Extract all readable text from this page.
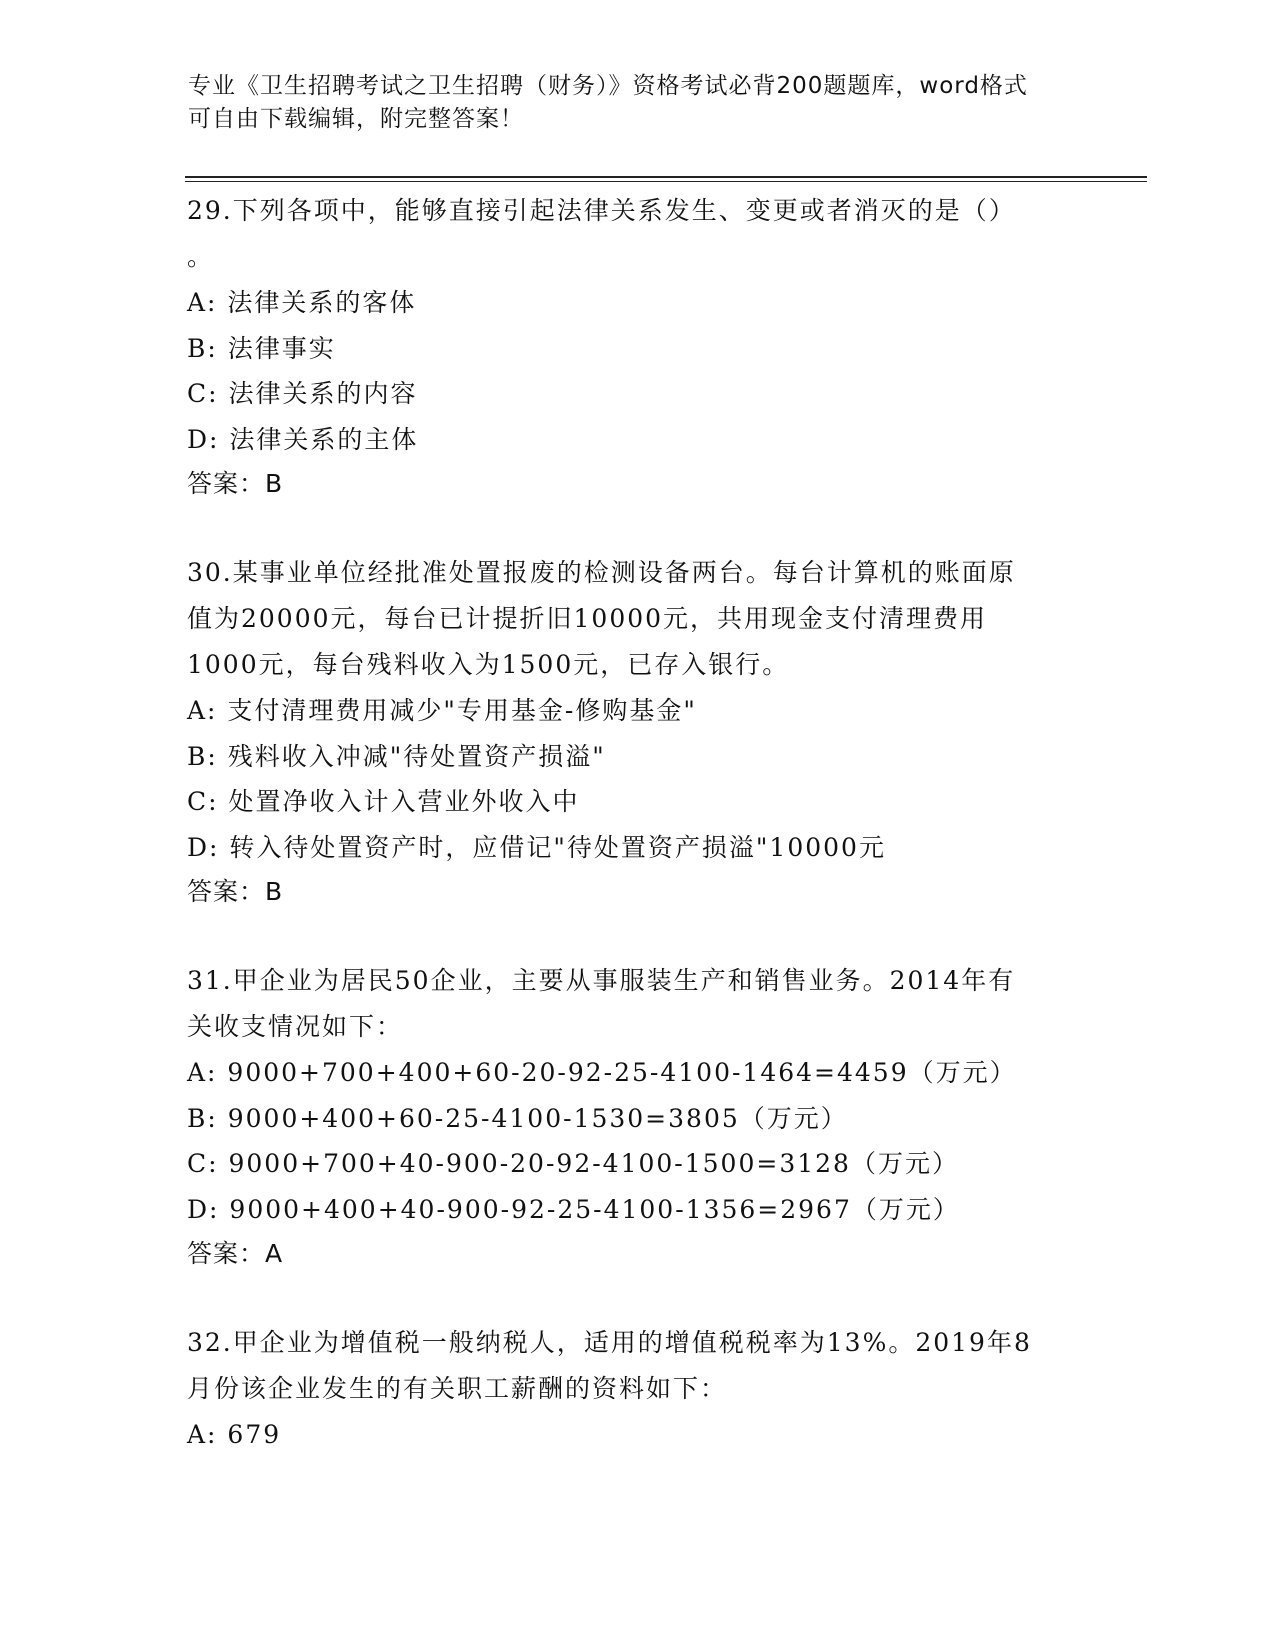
专业《卫生招聘考试之卫生招聘（财务）》资格考试必背200题题库，word格式
可自由下载编辑，附完整答案！
29.下列各项中，能够直接引起法律关系发生、变更或者消灭的是（）
。
A: 法律关系的客体
B: 法律事实
C: 法律关系的内容
D: 法律关系的主体
答案：B
30.某事业单位经批准处置报废的检测设备两台。每台计算机的账面原
值为20000元，每台已计提折旧10000元，共用现金支付清理费用
1000元，每台残料收入为1500元，已存入银行。
A: 支付清理费用减少"专用基金-修购基金"
B: 残料收入冲减"待处置资产损溢"
C: 处置净收入计入营业外收入中
D: 转入待处置资产时，应借记"待处置资产损溢"10000元
答案：B
31.甲企业为居民50企业，主要从事服装生产和销售业务。2014年有
关收支情况如下：
A: 9000+700+400+60-20-92-25-4100-1464=4459（万元）
B: 9000+400+60-25-4100-1530=3805（万元）
C: 9000+700+40-900-20-92-4100-1500=3128（万元）
D: 9000+400+40-900-92-25-4100-1356=2967（万元）
答案：A
32.甲企业为增值税一般纳税人，适用的增值税税率为13%。2019年8
月份该企业发生的有关职工薪酬的资料如下：
A: 679
